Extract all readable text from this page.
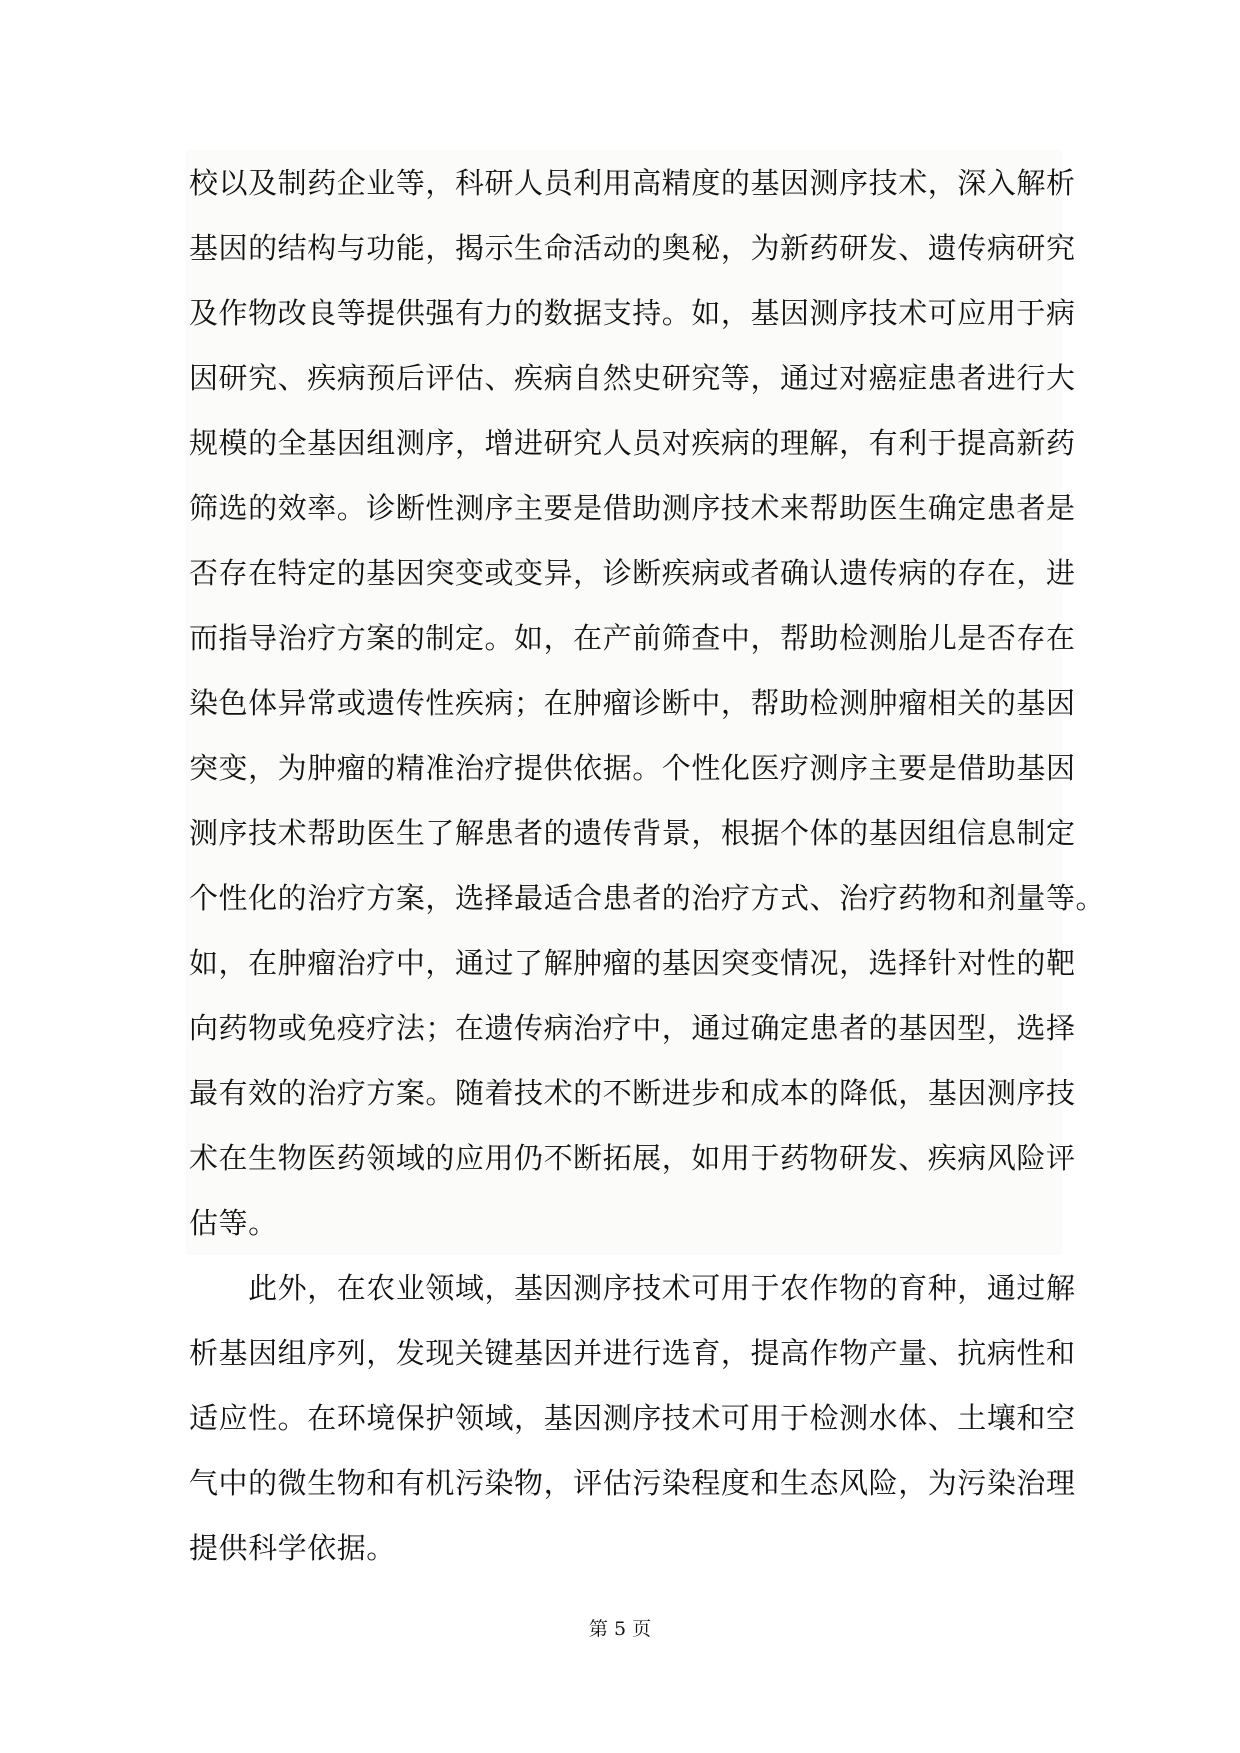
校以及制药企业等，科研人员利用高精度的基因测序技术，深入解析
基因的结构与功能，揭示生命活动的奥秘，为新药研发、遗传病研究
及作物改良等提供强有力的数据支持。如，基因测序技术可应用于病
因研究、疾病预后评估、疾病自然史研究等，通过对癌症患者进行大
规模的全基因组测序，增进研究人员对疾病的理解，有利于提高新药
筛选的效率。诊断性测序主要是借助测序技术来帮助医生确定患者是
否存在特定的基因突变或变异，诊断疾病或者确认遗传病的存在，进
而指导治疗方案的制定。如，在产前筛查中，帮助检测胎儿是否存在
染色体异常或遗传性疾病；在肿瘤诊断中，帮助检测肿瘤相关的基因
突变，为肿瘤的精准治疗提供依据。个性化医疗测序主要是借助基因
测序技术帮助医生了解患者的遗传背景，根据个体的基因组信息制定
个性化的治疗方案，选择最适合患者的治疗方式、治疗药物和剂量等。
如，在肿瘤治疗中，通过了解肿瘤的基因突变情况，选择针对性的靶
向药物或免疫疗法；在遗传病治疗中，通过确定患者的基因型，选择
最有效的治疗方案。随着技术的不断进步和成本的降低，基因测序技
术在生物医药领域的应用仍不断拓展，如用于药物研发、疾病风险评
估等。
　　此外，在农业领域，基因测序技术可用于农作物的育种，通过解
析基因组序列，发现关键基因并进行选育，提高作物产量、抗病性和
适应性。在环境保护领域，基因测序技术可用于检测水体、土壤和空
气中的微生物和有机污染物，评估污染程度和生态风险，为污染治理
提供科学依据。
第 5 页
